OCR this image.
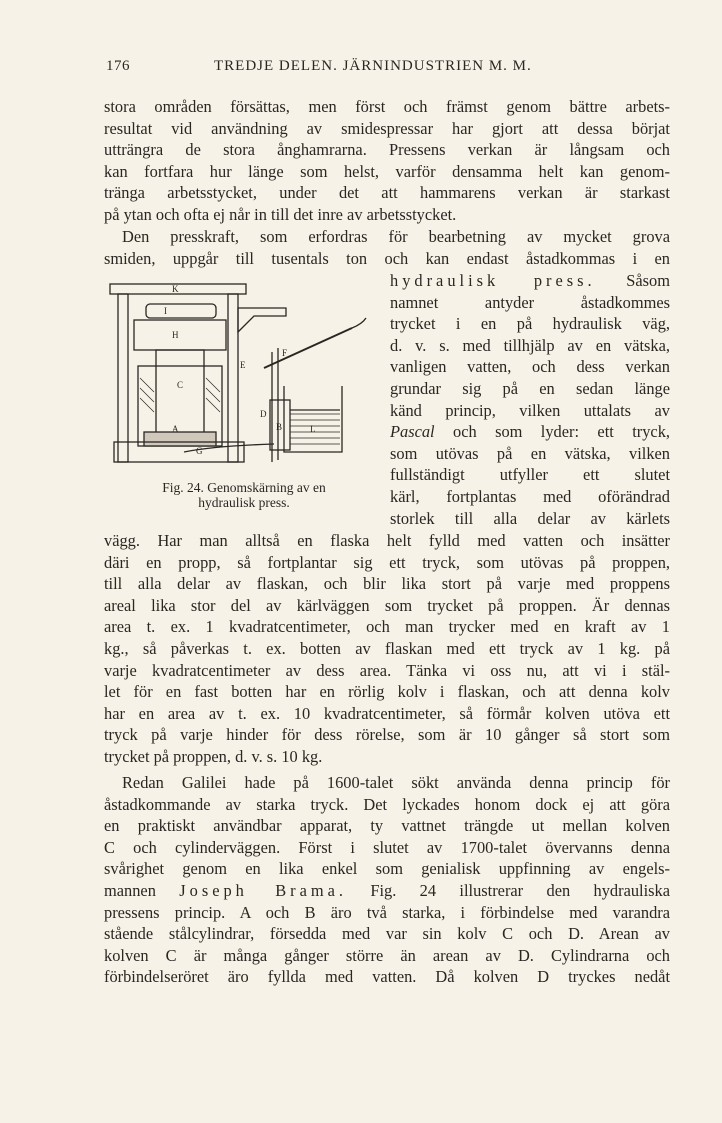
176	TREDJE DELEN. JÄRNINDUSTRIEN M. M.
stora områden försättas, men först och främst genom bättre arbets-
resultat vid användning av smidespressar har gjort att dessa börjat
utträngra de stora ånghamrarna. Pressens verkan är långsam och
kan fortfara hur länge som helst, varför densamma helt kan genom-
tränga arbetsstycket, under det att hammarens verkan är starkast
på ytan och ofta ej når in till det inre av arbetsstycket.
Den presskraft, som erfordras för bearbetning av mycket grova
smiden, uppgår till tusentals ton och kan endast åstadkommas i en
K
I
H
C
A
E
F
G
D
B	L
Fig. 24. Genomskärning av en
hydraulisk press.
hydraulisk press. Såsom
namnet antyder åstadkommes
trycket i en på hydraulisk väg,
d. v. s. med tillhjälp av en vätska,
vanligen vatten, och dess verkan
grundar sig på en sedan länge
känd princip, vilken uttalats av
Pascal och som lyder: ett tryck,
som utövas på en vätska, vilken
fullständigt utfyller ett slutet
kärl, fortplantas med oförändrad
storlek till alla delar av kärlets
vägg. Har man alltså en flaska helt fylld med vatten och insätter
däri en propp, så fortplantar sig ett tryck, som utövas på proppen,
till alla delar av flaskan, och blir lika stort på varje med proppens
areal lika stor del av kärlväggen som trycket på proppen. Är dennas
area t. ex. 1 kvadratcentimeter, och man trycker med en kraft av 1
kg., så påverkas t. ex. botten av flaskan med ett tryck av 1 kg. på
varje kvadratcentimeter av dess area. Tänka vi oss nu, att vi i stäl-
let för en fast botten har en rörlig kolv i flaskan, och att denna kolv
har en area av t. ex. 10 kvadratcentimeter, så förmår kolven utöva ett
tryck på varje hinder för dess rörelse, som är 10 gånger så stort som
trycket på proppen, d. v. s. 10 kg.
Redan Galilei hade på 1600-talet sökt använda denna princip för
åstadkommande av starka tryck. Det lyckades honom dock ej att göra
en praktiskt användbar apparat, ty vattnet trängde ut mellan kolven
C och cylinderväggen. Först i slutet av 1700-talet övervanns denna
svårighet genom en lika enkel som genialisk uppfinning av engels-
mannen Joseph Brama. Fig. 24 illustrerar den hydrauliska
pressens princip. A och B äro två starka, i förbindelse med varandra
stående stålcylindrar, försedda med var sin kolv C och D. Arean av
kolven C är många gånger större än arean av D. Cylindrarna och
förbindelseröret äro fyllda med vatten. Då kolven D tryckes nedåt
